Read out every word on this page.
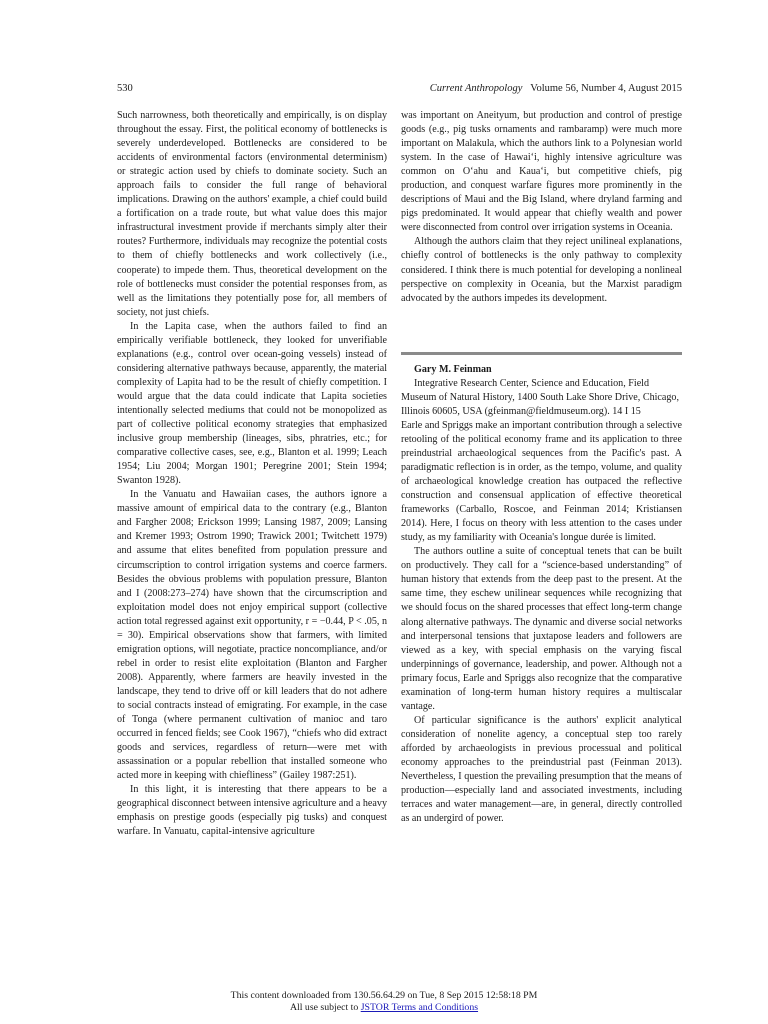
530	Current Anthropology Volume 56, Number 4, August 2015

Such narrowness, both theoretically and empirically, is on display throughout the essay. First, the political economy of bottlenecks is severely underdeveloped. Bottlenecks are considered to be accidents of environmental factors (environmental determinism) or strategic action used by chiefs to dominate society. Such an approach fails to consider the full range of behavioral implications. Drawing on the authors' example, a chief could build a fortification on a trade route, but what value does this major infrastructural investment provide if merchants simply alter their routes? Furthermore, individuals may recognize the potential costs to them of chiefly bottlenecks and work collectively (i.e., cooperate) to impede them. Thus, theoretical development on the role of bottlenecks must consider the potential responses from, as well as the limitations they potentially pose for, all members of society, not just chiefs.

In the Lapita case, when the authors failed to find an empirically verifiable bottleneck, they looked for unverifiable explanations (e.g., control over ocean-going vessels) instead of considering alternative pathways because, apparently, the material complexity of Lapita had to be the result of chiefly competition. I would argue that the data could indicate that Lapita societies intentionally selected mediums that could not be monopolized as part of collective political economy strategies that emphasized inclusive group membership (lineages, sibs, phratries, etc.; for comparative collective cases, see, e.g., Blanton et al. 1999; Leach 1954; Liu 2004; Morgan 1901; Peregrine 2001; Stein 1994; Swanton 1928).

In the Vanuatu and Hawaiian cases, the authors ignore a massive amount of empirical data to the contrary (e.g., Blanton and Fargher 2008; Erickson 1999; Lansing 1987, 2009; Lansing and Kremer 1993; Ostrom 1990; Trawick 2001; Twitchett 1979) and assume that elites benefited from population pressure and circumscription to control irrigation systems and coerce farmers. Besides the obvious problems with population pressure, Blanton and I (2008:273–274) have shown that the circumscription and exploitation model does not enjoy empirical support (collective action total regressed against exit opportunity, r = −0.44, P < .05, n = 30). Empirical observations show that farmers, with limited emigration options, will negotiate, practice noncompliance, and/or rebel in order to resist elite exploitation (Blanton and Fargher 2008). Apparently, where farmers are heavily invested in the landscape, they tend to drive off or kill leaders that do not adhere to social contracts instead of emigrating. For example, in the case of Tonga (where permanent cultivation of manioc and taro occurred in fenced fields; see Cook 1967), “chiefs who did extract goods and services, regardless of return—were met with assassination or a popular rebellion that installed someone who acted more in keeping with chiefliness” (Gailey 1987:251).

In this light, it is interesting that there appears to be a geographical disconnect between intensive agriculture and a heavy emphasis on prestige goods (especially pig tusks) and conquest warfare. In Vanuatu, capital-intensive agriculture

was important on Aneityum, but production and control of prestige goods (e.g., pig tusks ornaments and rambaramp) were much more important on Malakula, which the authors link to a Polynesian world system. In the case of Hawai‘i, highly intensive agriculture was common on O‘ahu and Kaua‘i, but competitive chiefs, pig production, and conquest warfare figures more prominently in the descriptions of Maui and the Big Island, where dryland farming and pigs predominated. It would appear that chiefly wealth and power were disconnected from control over irrigation systems in Oceania.

Although the authors claim that they reject unilineal explanations, chiefly control of bottlenecks is the only pathway to complexity considered. I think there is much potential for developing a nonlineal perspective on complexity in Oceania, but the Marxist paradigm advocated by the authors impedes its development.

Gary M. Feinman

Integrative Research Center, Science and Education, Field Museum of Natural History, 1400 South Lake Shore Drive, Chicago, Illinois 60605, USA (gfeinman@fieldmuseum.org). 14 I 15

Earle and Spriggs make an important contribution through a selective retooling of the political economy frame and its application to three preindustrial archaeological sequences from the Pacific's past. A paradigmatic reflection is in order, as the tempo, volume, and quality of archaeological knowledge creation has outpaced the reflective construction and consensual application of effective theoretical frameworks (Carballo, Roscoe, and Feinman 2014; Kristiansen 2014). Here, I focus on theory with less attention to the cases under study, as my familiarity with Oceania's longue durée is limited.

The authors outline a suite of conceptual tenets that can be built on productively. They call for a “science-based understanding” of human history that extends from the deep past to the present. At the same time, they eschew unilinear sequences while recognizing that we should focus on the shared processes that effect long-term change along alternative pathways. The dynamic and diverse social networks and interpersonal tensions that juxtapose leaders and followers are viewed as a key, with special emphasis on the varying fiscal underpinnings of governance, leadership, and power. Although not a primary focus, Earle and Spriggs also recognize that the comparative examination of long-term human history requires a multiscalar vantage.

Of particular significance is the authors' explicit analytical consideration of nonelite agency, a conceptual step too rarely afforded by archaeologists in previous processual and political economy approaches to the preindustrial past (Feinman 2013). Nevertheless, I question the prevailing presumption that the means of production—especially land and associated investments, including terraces and water management—are, in general, directly controlled as an undergird of power.

This content downloaded from 130.56.64.29 on Tue, 8 Sep 2015 12:58:18 PM
All use subject to JSTOR Terms and Conditions
